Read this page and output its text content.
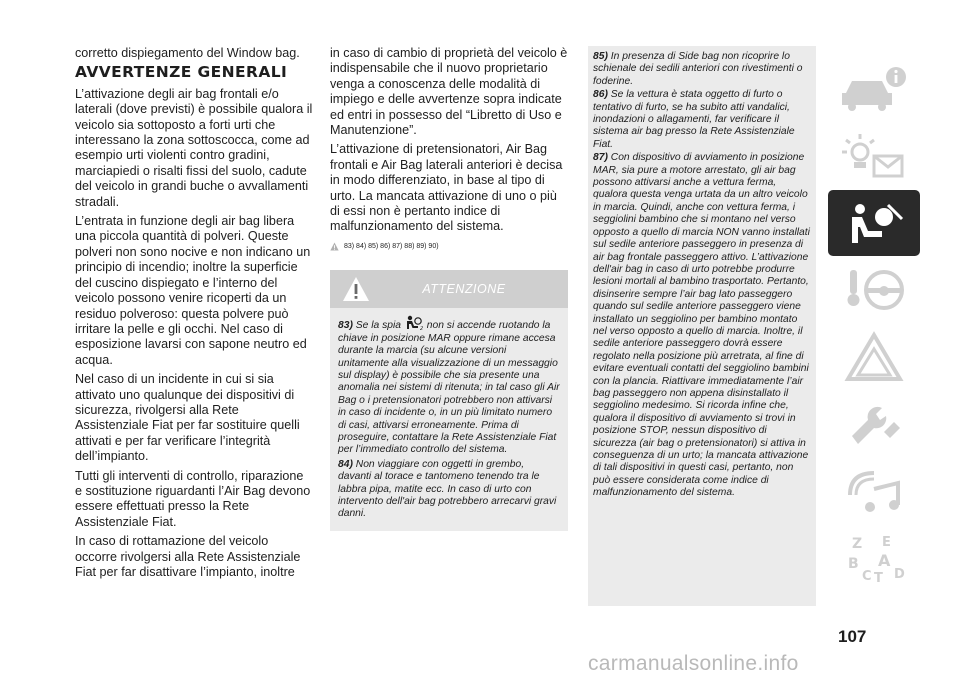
corretto dispiegamento del Window bag.

AVVERTENZE GENERALI

L’attivazione degli air bag frontali e/o laterali (dove previsti) è possibile qualora il veicolo sia sottoposto a forti urti che interessano la zona sottoscocca, come ad esempio urti violenti contro gradini, marciapiedi o risalti fissi del suolo, cadute del veicolo in grandi buche o avvallamenti stradali.

L’entrata in funzione degli air bag libera una piccola quantità di polveri. Queste polveri non sono nocive e non indicano un principio di incendio; inoltre la superficie del cuscino dispiegato e l’interno del veicolo possono venire ricoperti da un residuo polveroso: questa polvere può irritare la pelle e gli occhi. Nel caso di esposizione lavarsi con sapone neutro ed acqua.

Nel caso di un incidente in cui si sia attivato uno qualunque dei dispositivi di sicurezza, rivolgersi alla Rete Assistenziale Fiat per far sostituire quelli attivati e per far verificare l’integrità dell’impianto.

Tutti gli interventi di controllo, riparazione e sostituzione riguardanti l’Air Bag devono essere effettuati presso la Rete Assistenziale Fiat.

In caso di rottamazione del veicolo occorre rivolgersi alla Rete Assistenziale Fiat per far disattivare l’impianto, inoltre

in caso di cambio di proprietà del veicolo è indispensabile che il nuovo proprietario venga a conoscenza delle modalità di impiego e delle avvertenze sopra indicate ed entri in possesso del “Libretto di Uso e Manutenzione”.

L’attivazione di pretensionatori, Air Bag frontali e Air Bag laterali anteriori è decisa in modo differenziato, in base al tipo di urto. La mancata attivazione di uno o più di essi non è pertanto indice di malfunzionamento del sistema.

83) 84) 85) 86) 87) 88) 89) 90)
ATTENZIONE

83) Se la spia	2 non si accende ruotando la chiave in posizione MAR oppure rimane accesa durante la marcia (su alcune versioni unitamente alla visualizzazione di un messaggio sul display) è possibile che sia presente una anomalia nei sistemi di ritenuta; in tal caso gli Air Bag o i pretensionatori potrebbero non attivarsi in caso di incidente o, in un più limitato numero di casi, attivarsi erroneamente. Prima di proseguire, contattare la Rete Assistenziale Fiat per l’immediato controllo del sistema.

84) Non viaggiare con oggetti in grembo, davanti al torace e tantomeno tenendo tra le labbra pipa, matite ecc. In caso di urto con intervento dell'air bag potrebbero arrecarvi gravi danni.

85) In presenza di Side bag non ricoprire lo schienale dei sedili anteriori con rivestimenti o foderine.

86) Se la vettura è stata oggetto di furto o tentativo di furto, se ha subito atti vandalici, inondazioni o allagamenti, far verificare il sistema air bag presso la Rete Assistenziale Fiat.

87) Con dispositivo di avviamento in posizione MAR, sia pure a motore arrestato, gli air bag possono attivarsi anche a vettura ferma, qualora questa venga urtata da un altro veicolo in marcia. Quindi, anche con vettura ferma, i seggiolini bambino che si montano nel verso opposto a quello di marcia NON vanno installati sul sedile anteriore passeggero in presenza di air bag frontale passeggero attivo. L’attivazione dell'air bag in caso di urto potrebbe produrre lesioni mortali al bambino trasportato. Pertanto, disinserire sempre l’air bag lato passeggero quando sul sedile anteriore passeggero viene installato un seggiolino per bambino montato nel verso opposto a quello di marcia. Inoltre, il sedile anteriore passeggero dovrà essere regolato nella posizione più arretrata, al fine di evitare eventuali contatti del seggiolino bambini con la plancia. Riattivare immediatamente l’air bag passeggero non appena disinstallato il seggiolino medesimo. Si ricorda infine che, qualora il dispositivo di avviamento si trovi in posizione STOP, nessun dispositivo di sicurezza (air bag o pretensionatori) si attiva in conseguenza di un urto; la mancata attivazione di tali dispositivi in questi casi, pertanto, non può essere considerata come indice di malfunzionamento del sistema.

Z E
B A
C T D
107
carmanualsonline.info
